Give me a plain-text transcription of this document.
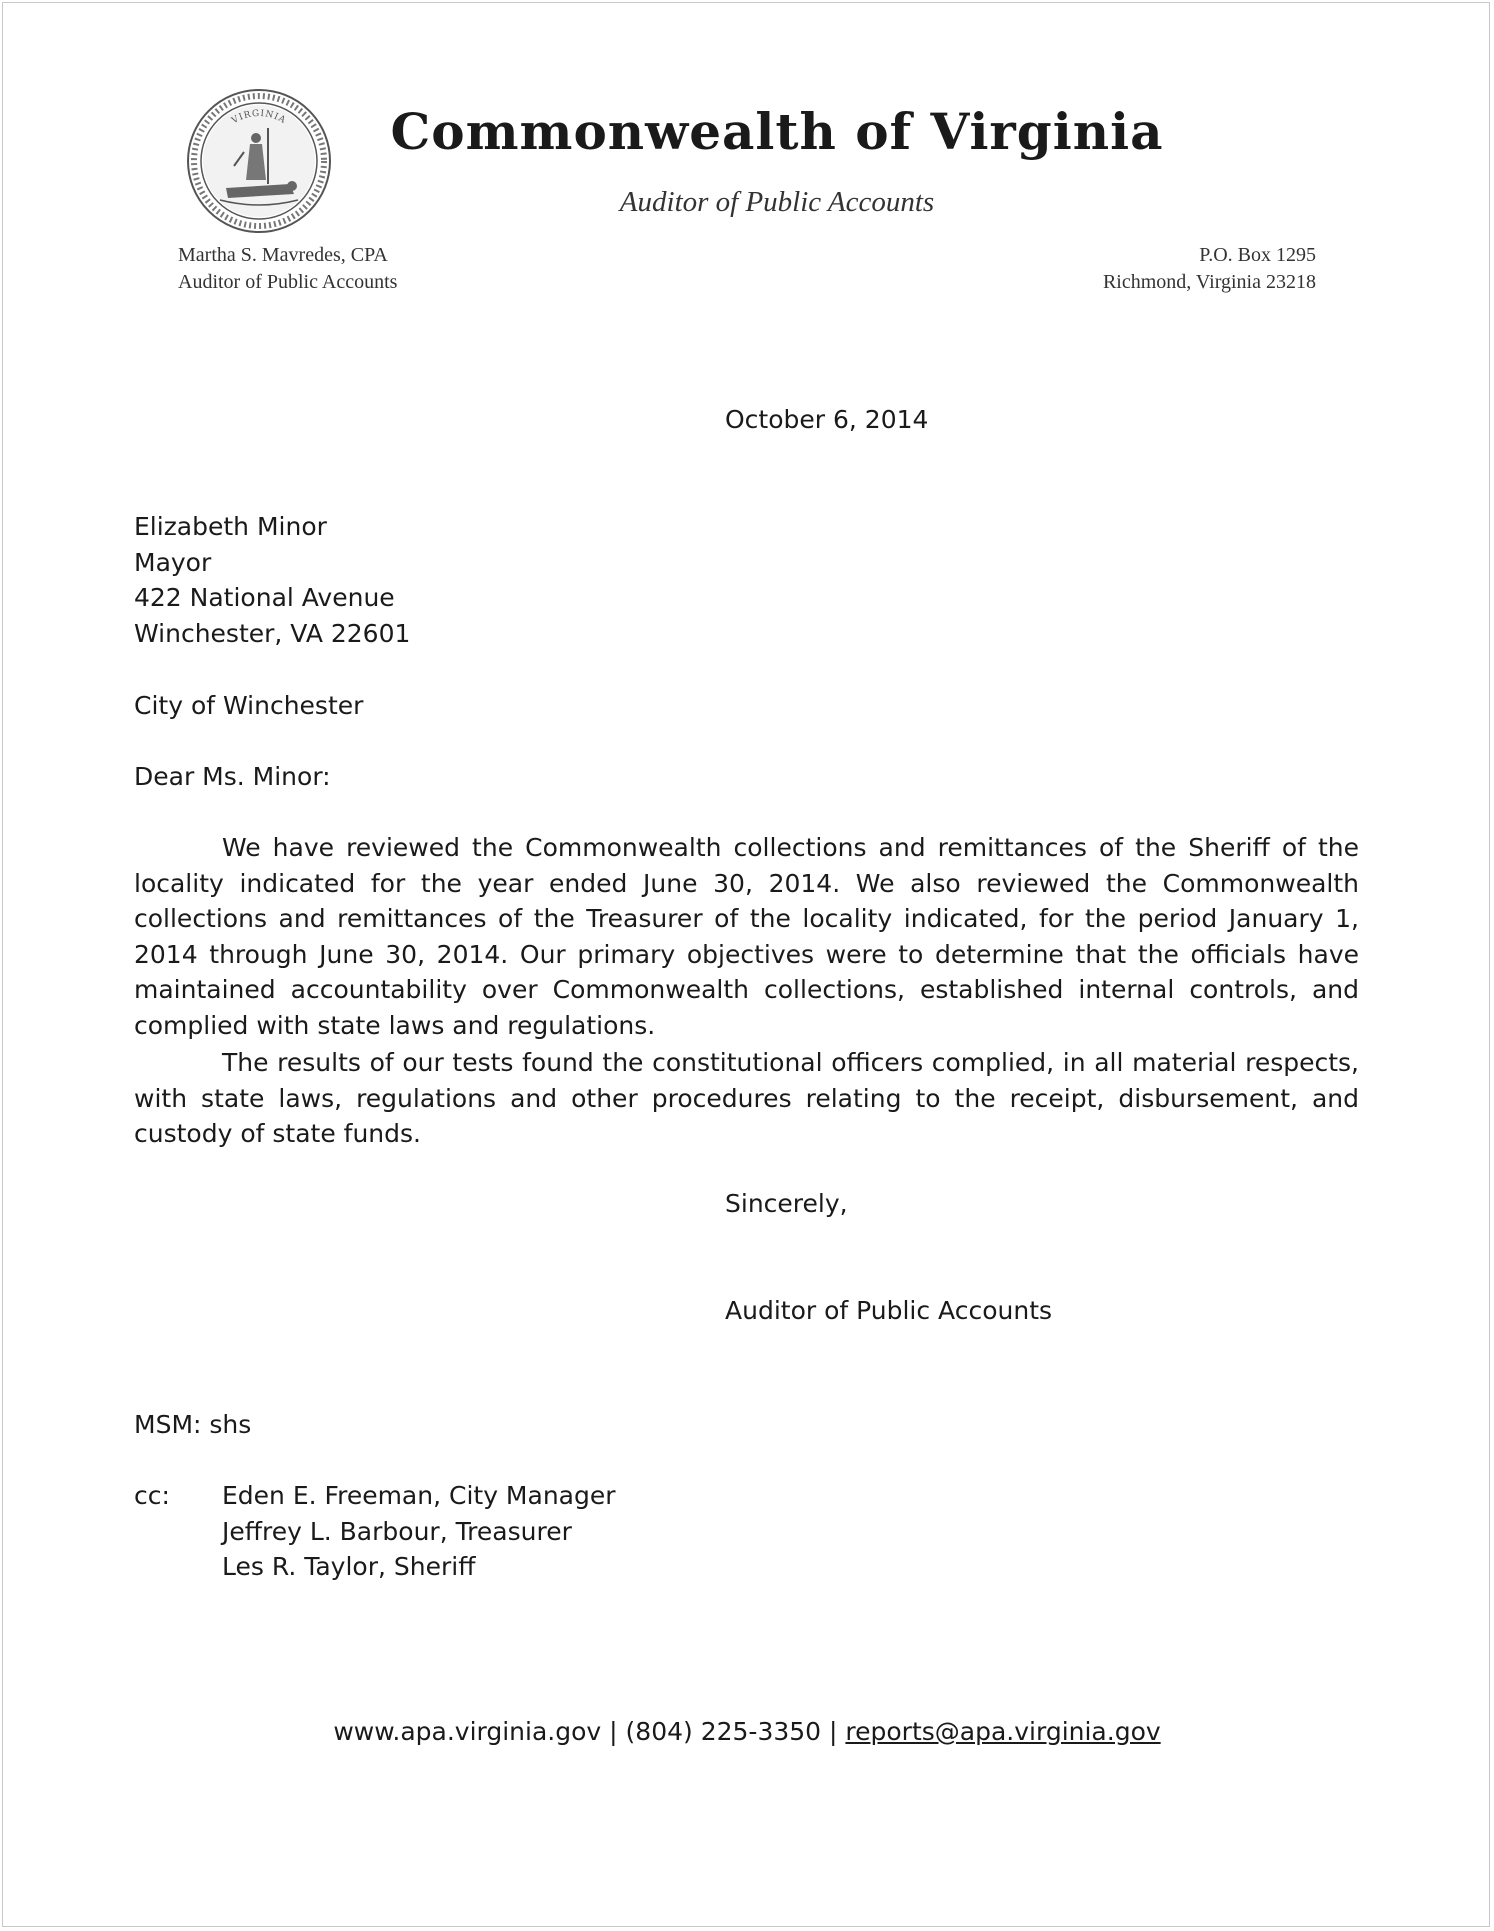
VIRGINIA	Commonwealth of Virginia
Auditor of Public Accounts
Martha S. Mavredes, CPA
Auditor of Public Accounts
P.O. Box 1295
Richmond, Virginia 23218
October 6, 2014
Elizabeth Minor
Mayor
422 National Avenue
Winchester, VA 22601
City of Winchester
Dear Ms. Minor:

We have reviewed the Commonwealth collections and remittances of the Sheriff of the locality indicated for the year ended June 30, 2014. We also reviewed the Commonwealth collections and remittances of the Treasurer of the locality indicated, for the period January 1, 2014 through June 30, 2014. Our primary objectives were to determine that the officials have maintained accountability over Commonwealth collections, established internal controls, and complied with state laws and regulations.

The results of our tests found the constitutional officers complied, in all material respects, with state laws, regulations and other procedures relating to the receipt, disbursement, and custody of state funds.

Sincerely,
Auditor of Public Accounts
MSM: shs
cc: Eden E. Freeman, City Manager
Jeffrey L. Barbour, Treasurer
Les R. Taylor, Sheriff
www.apa.virginia.gov | (804) 225-3350 | reports@apa.virginia.gov
